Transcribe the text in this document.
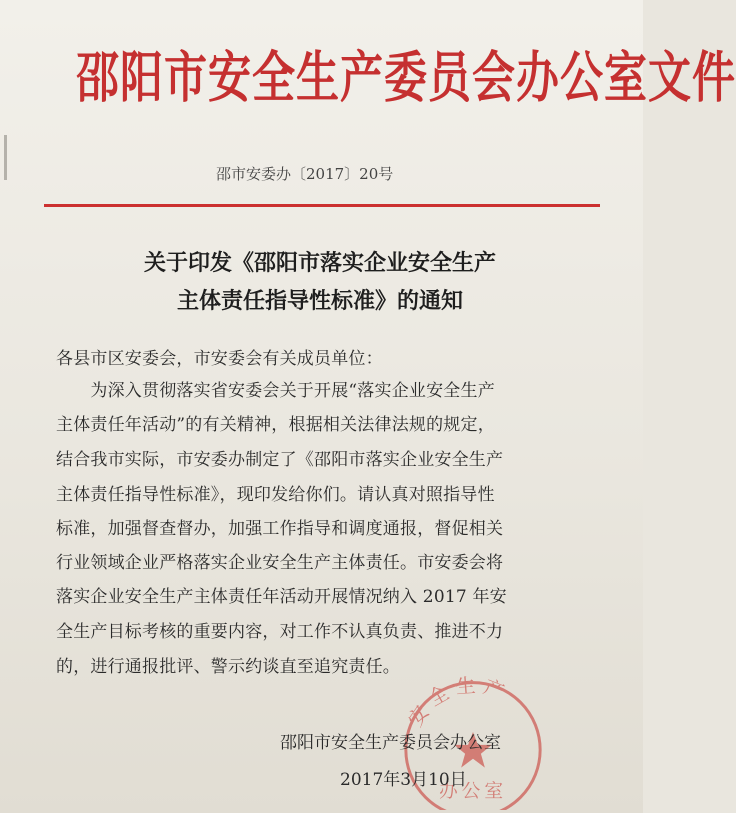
邵阳市安全生产委员会办公室文件
邵市安委办〔2017〕20号
关于印发《邵阳市落实企业安全生产
主体责任指导性标准》的通知
各县市区安委会，市安委会有关成员单位：
　　为深入贯彻落实省安委会关于开展“落实企业安全生产
主体责任年活动”的有关精神，根据相关法律法规的规定，
结合我市实际，市安委办制定了《邵阳市落实企业安全生产
主体责任指导性标准》，现印发给你们。请认真对照指导性
标准，加强督查督办，加强工作指导和调度通报，督促相关
行业领域企业严格落实企业安全生产主体责任。市安委会将
落实企业安全生产主体责任年活动开展情况纳入 2017 年安
全生产目标考核的重要内容，对工作不认真负责、推进不力
的，进行通报批评、警示约谈直至追究责任。
安全生产
办公室
邵阳市安全生产委员会办公室
2017年3月10日
